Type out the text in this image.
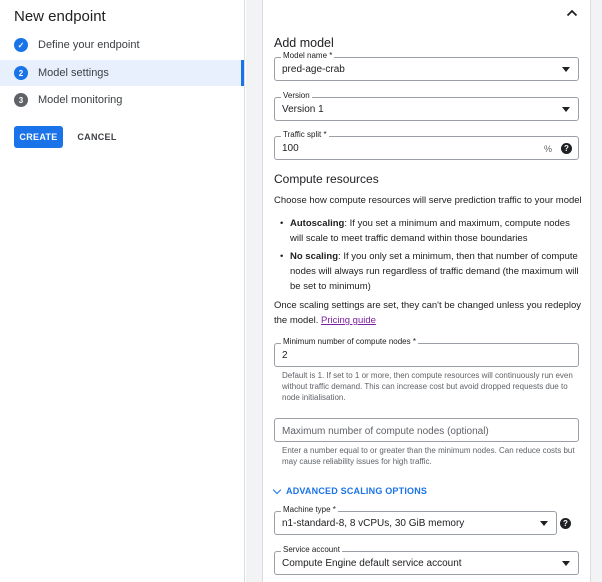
New endpoint
✓	Define your endpoint
2	Model settings
3	Model monitoring
CREATE	CANCEL
Add model
Model name *
pred-age-crab
Version
Version 1
Traffic split *
100	%	?
Compute resources
Choose how compute resources will serve prediction traffic to your model
• Autoscaling: If you set a minimum and maximum, compute nodes will scale to meet traffic demand within those boundaries
• No scaling: If you only set a minimum, then that number of compute nodes will always run regardless of traffic demand (the maximum will be set to minimum)
Once scaling settings are set, they can't be changed unless you redeploy the model. Pricing guide
Minimum number of compute nodes *
2
Default is 1. If set to 1 or more, then compute resources will continuously run even without traffic demand. This can increase cost but avoid dropped requests due to node initialisation.
Maximum number of compute nodes (optional)
Enter a number equal to or greater than the minimum nodes. Can reduce costs but may cause reliability issues for high traffic.
ADVANCED SCALING OPTIONS
Machine type *
n1-standard-8, 8 vCPUs, 30 GiB memory	?
Service account
Compute Engine default service account
